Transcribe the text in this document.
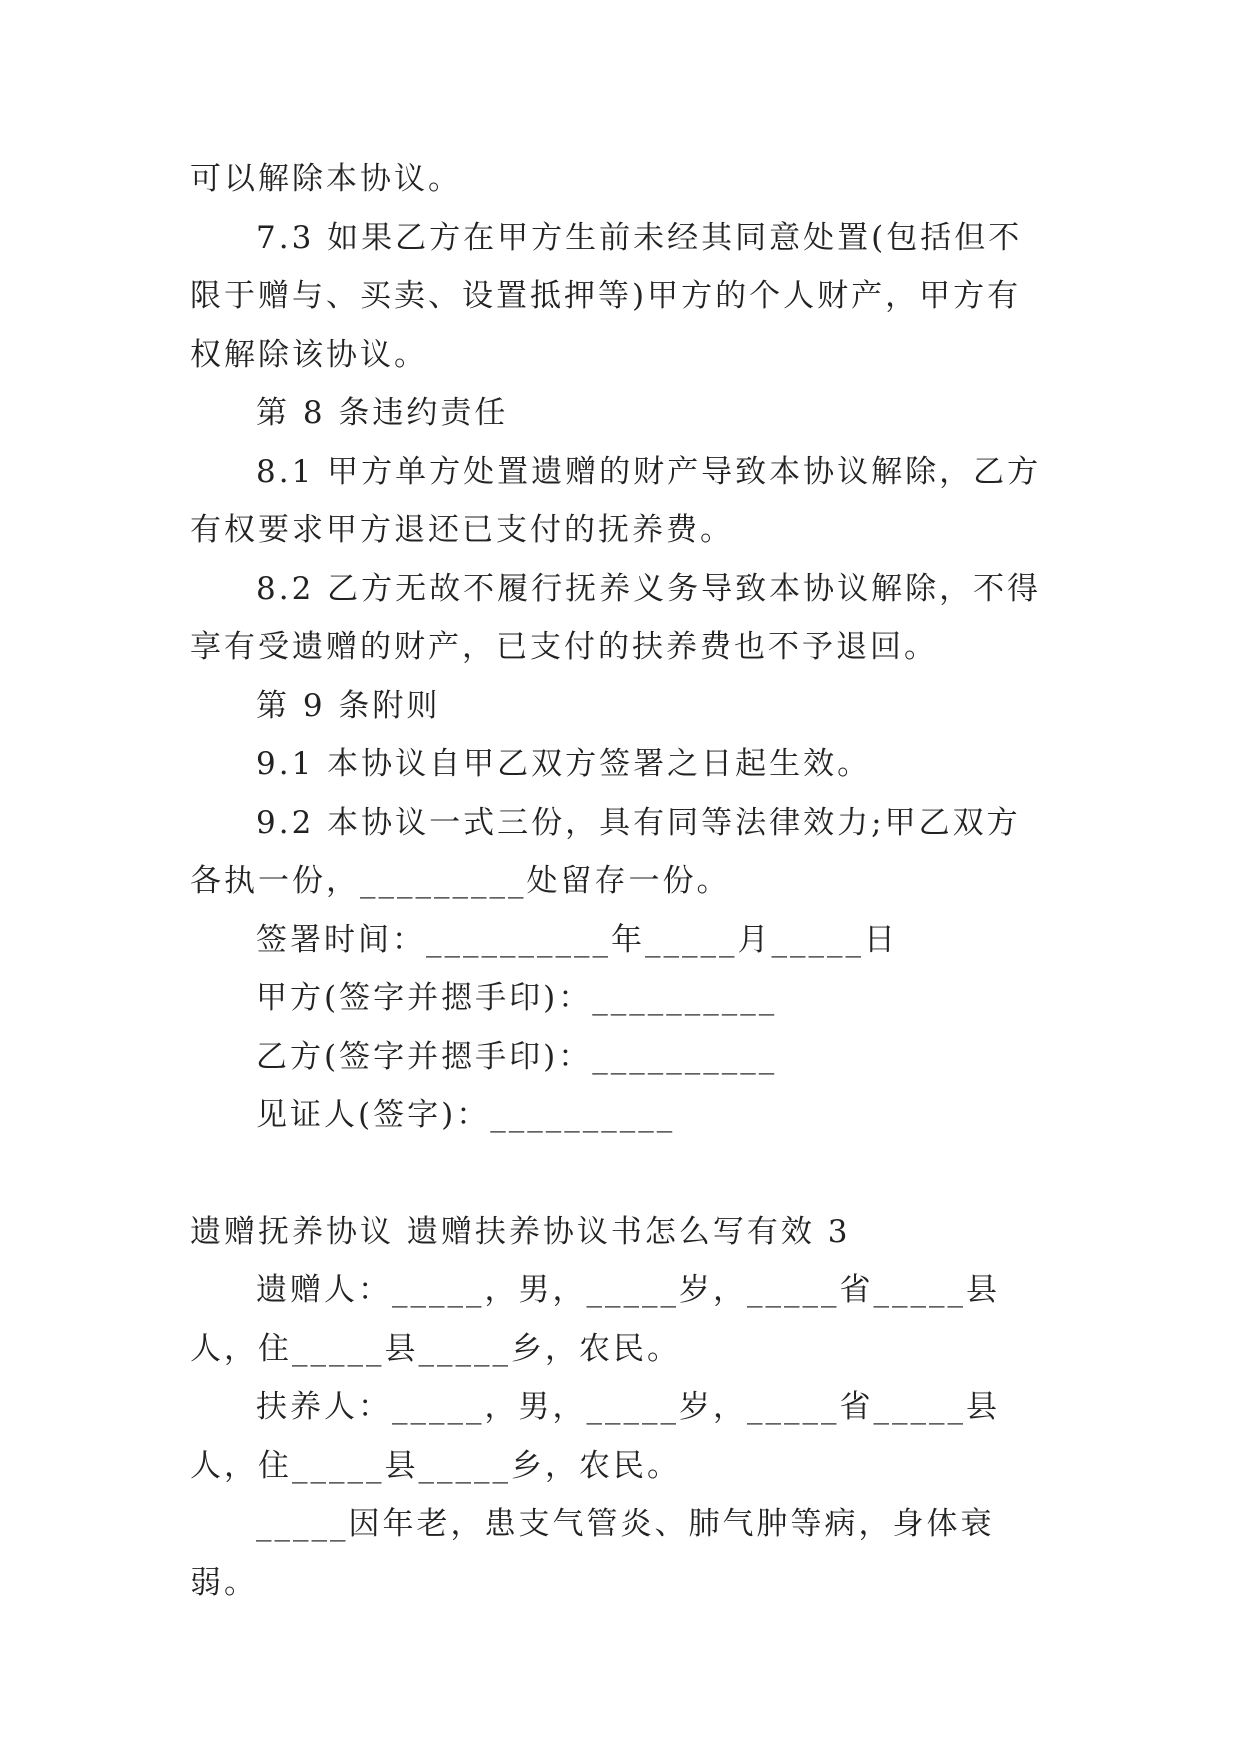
可以解除本协议。

7.3 如果乙方在甲方生前未经其同意处置(包括但不限于赠与、买卖、设置抵押等)甲方的个人财产，甲方有权解除该协议。

第 8 条违约责任

8.1 甲方单方处置遗赠的财产导致本协议解除，乙方有权要求甲方退还已支付的抚养费。

8.2 乙方无故不履行抚养义务导致本协议解除，不得享有受遗赠的财产，已支付的扶养费也不予退回。

第 9 条附则

9.1 本协议自甲乙双方签署之日起生效。

9.2 本协议一式三份，具有同等法律效力;甲乙双方各执一份，_________处留存一份。

签署时间：__________年_____月_____日

甲方(签字并摁手印)：__________

乙方(签字并摁手印)：__________

见证人(签字)：__________

遗赠抚养协议 遗赠扶养协议书怎么写有效 3

遗赠人：_____，男，_____岁，_____省_____县人，住_____县_____乡，农民。

扶养人：_____，男，_____岁，_____省_____县人，住_____县_____乡，农民。

_____因年老，患支气管炎、肺气肿等病，身体衰弱。
